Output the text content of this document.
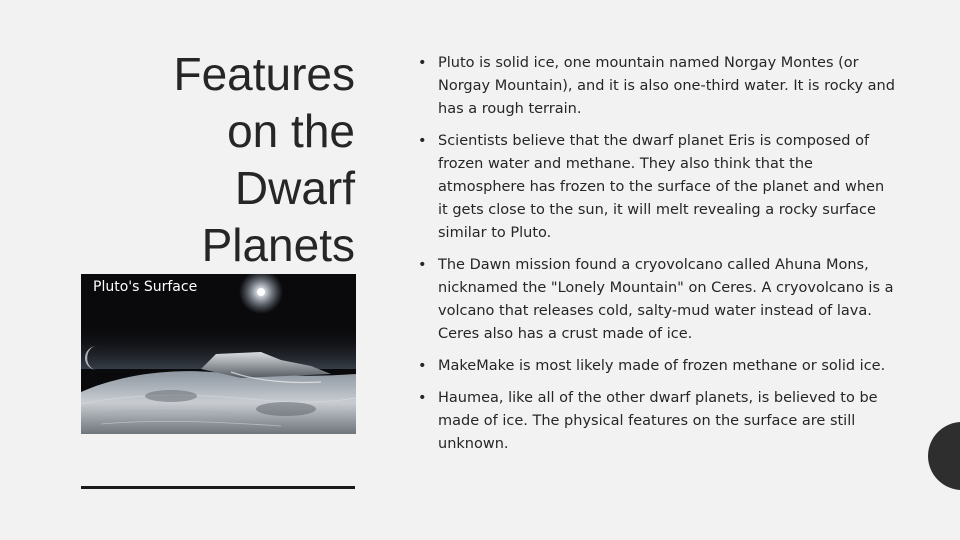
Features
on the
Dwarf
Planets
Pluto's Surface
• Pluto is solid ice, one mountain named Norgay Montes (or Norgay Mountain), and it is also one-third water. It is rocky and has a rough terrain.
• Scientists believe that the dwarf planet Eris is composed of frozen water and methane. They also think that the atmosphere has frozen to the surface of the planet and when it gets close to the sun, it will melt revealing a rocky surface similar to Pluto.
• The Dawn mission found a cryovolcano called Ahuna Mons, nicknamed the "Lonely Mountain" on Ceres. A cryovolcano is a volcano that releases cold, salty-mud water instead of lava. Ceres also has a crust made of ice.
• MakeMake is most likely made of frozen methane or solid ice.
• Haumea, like all of the other dwarf planets, is believed to be made of ice. The physical features on the surface are still unknown.
